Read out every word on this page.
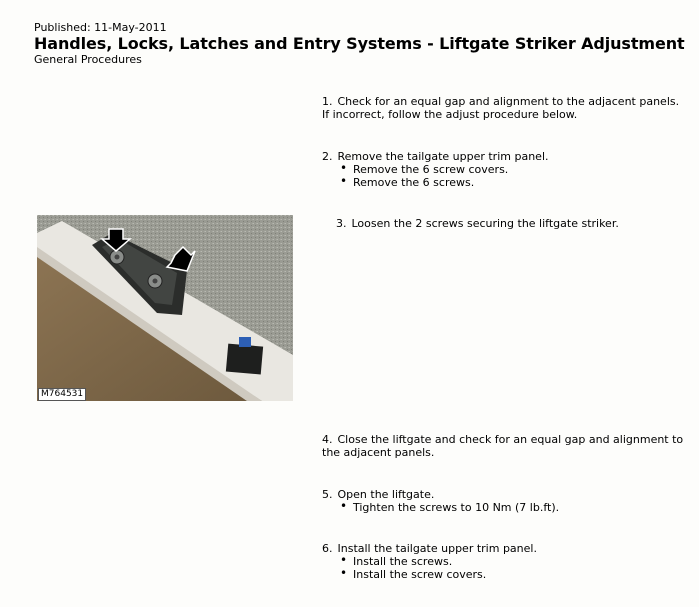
Published: 11-May-2011
Handles, Locks, Latches and Entry Systems - Liftgate Striker Adjustment
General Procedures
1. Check for an equal gap and alignment to the adjacent panels. If incorrect, follow the adjust procedure below.
2. Remove the tailgate upper trim panel.
• Remove the 6 screw covers.
• Remove the 6 screws.
3. Loosen the 2 screws securing the liftgate striker.
4. Close the liftgate and check for an equal gap and alignment to the adjacent panels.
5. Open the liftgate.
• Tighten the screws to 10 Nm (7 lb.ft).
6. Install the tailgate upper trim panel.
• Install the screws.
• Install the screw covers.
M764531
